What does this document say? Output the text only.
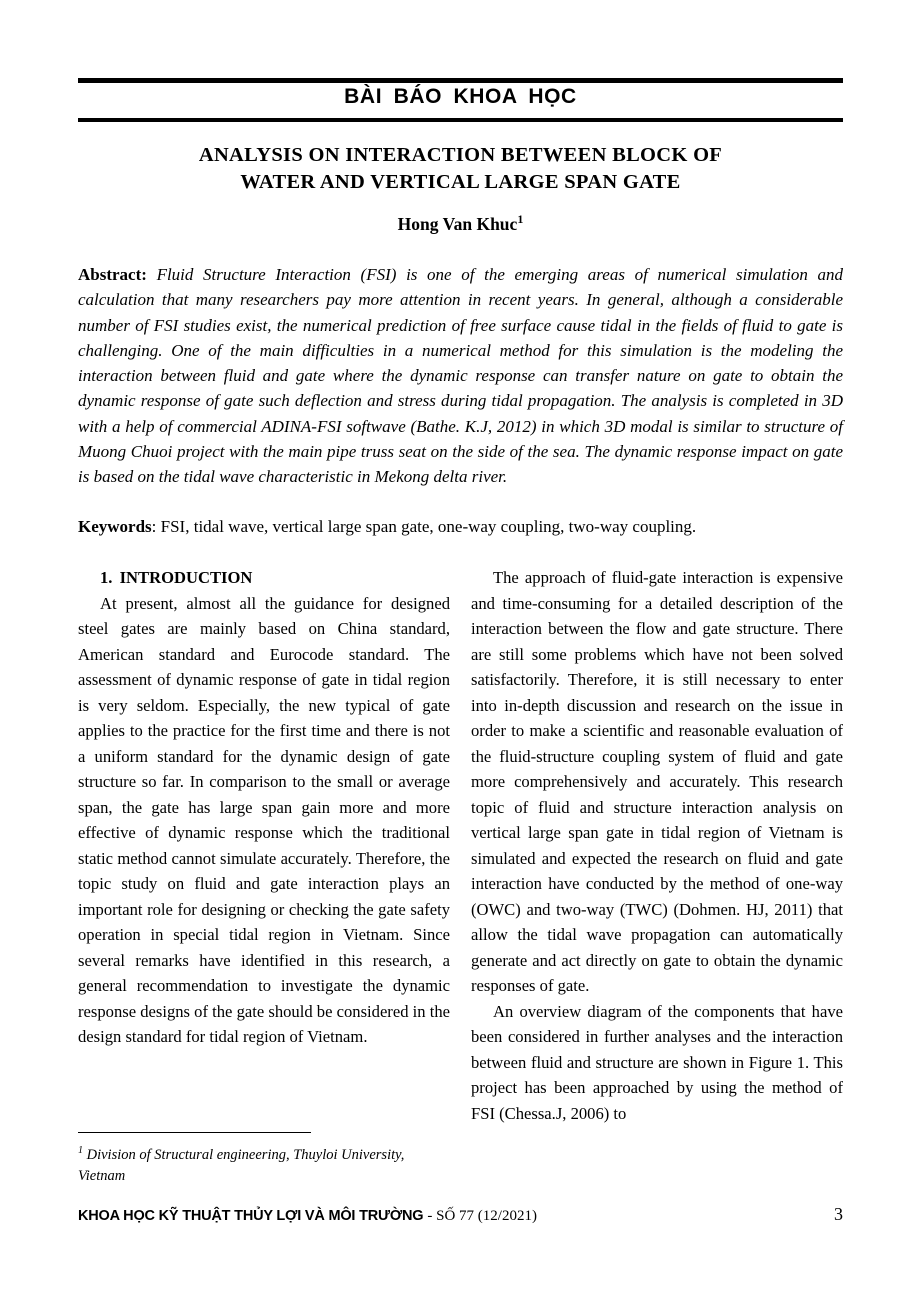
BÀI BÁO KHOA HỌC
ANALYSIS ON INTERACTION BETWEEN BLOCK OF
WATER AND VERTICAL LARGE SPAN GATE
Hong Van Khuc$^1$
Abstract: Fluid Structure Interaction (FSI) is one of the emerging areas of numerical simulation and calculation that many researchers pay more attention in recent years. In general, although a considerable number of FSI studies exist, the numerical prediction of free surface cause tidal in the fields of fluid to gate is challenging. One of the main difficulties in a numerical method for this simulation is the modeling the interaction between fluid and gate where the dynamic response can transfer nature on gate to obtain the dynamic response of gate such deflection and stress during tidal propagation. The analysis is completed in 3D with a help of commercial ADINA-FSI softwave (Bathe. K.J, 2012) in which 3D modal is similar to structure of Muong Chuoi project with the main pipe truss seat on the side of the sea. The dynamic response impact on gate is based on the tidal wave characteristic in Mekong delta river.
Keywords: FSI, tidal wave, vertical large span gate, one-way coupling, two-way coupling.

1. INTRODUCTION

At present, almost all the guidance for designed steel gates are mainly based on China standard, American standard and Eurocode standard. The assessment of dynamic response of gate in tidal region is very seldom. Especially, the new typical of gate applies to the practice for the first time and there is not a uniform standard for the dynamic design of gate structure so far. In comparison to the small or average span, the gate has large span gain more and more effective of dynamic response which the traditional static method cannot simulate accurately. Therefore, the topic study on fluid and gate interaction plays an important role for designing or checking the gate safety operation in special tidal region in Vietnam. Since several remarks have identified in this research, a general recommendation to investigate the dynamic response designs of the gate should be considered in the design standard for tidal region of Vietnam.

$^1$ Division of Structural engineering, Thuyloi University, Vietnam

The approach of fluid-gate interaction is expensive and time-consuming for a detailed description of the interaction between the flow and gate structure. There are still some problems which have not been solved satisfactorily. Therefore, it is still necessary to enter into in-depth discussion and research on the issue in order to make a scientific and reasonable evaluation of the fluid-structure coupling system of fluid and gate more comprehensively and accurately. This research topic of fluid and structure interaction analysis on vertical large span gate in tidal region of Vietnam is simulated and expected the research on fluid and gate interaction have conducted by the method of one-way (OWC) and two-way (TWC) (Dohmen. HJ, 2011) that allow the tidal wave propagation can automatically generate and act directly on gate to obtain the dynamic responses of gate.

An overview diagram of the components that have been considered in further analyses and the interaction between fluid and structure are shown in Figure 1. This project has been approached by using the method of FSI (Chessa.J, 2006) to

KHOA HỌC KỸ THUẬT THỦY LỢI VÀ MÔI TRƯỜNG - SỐ 77 (12/2021)	3
